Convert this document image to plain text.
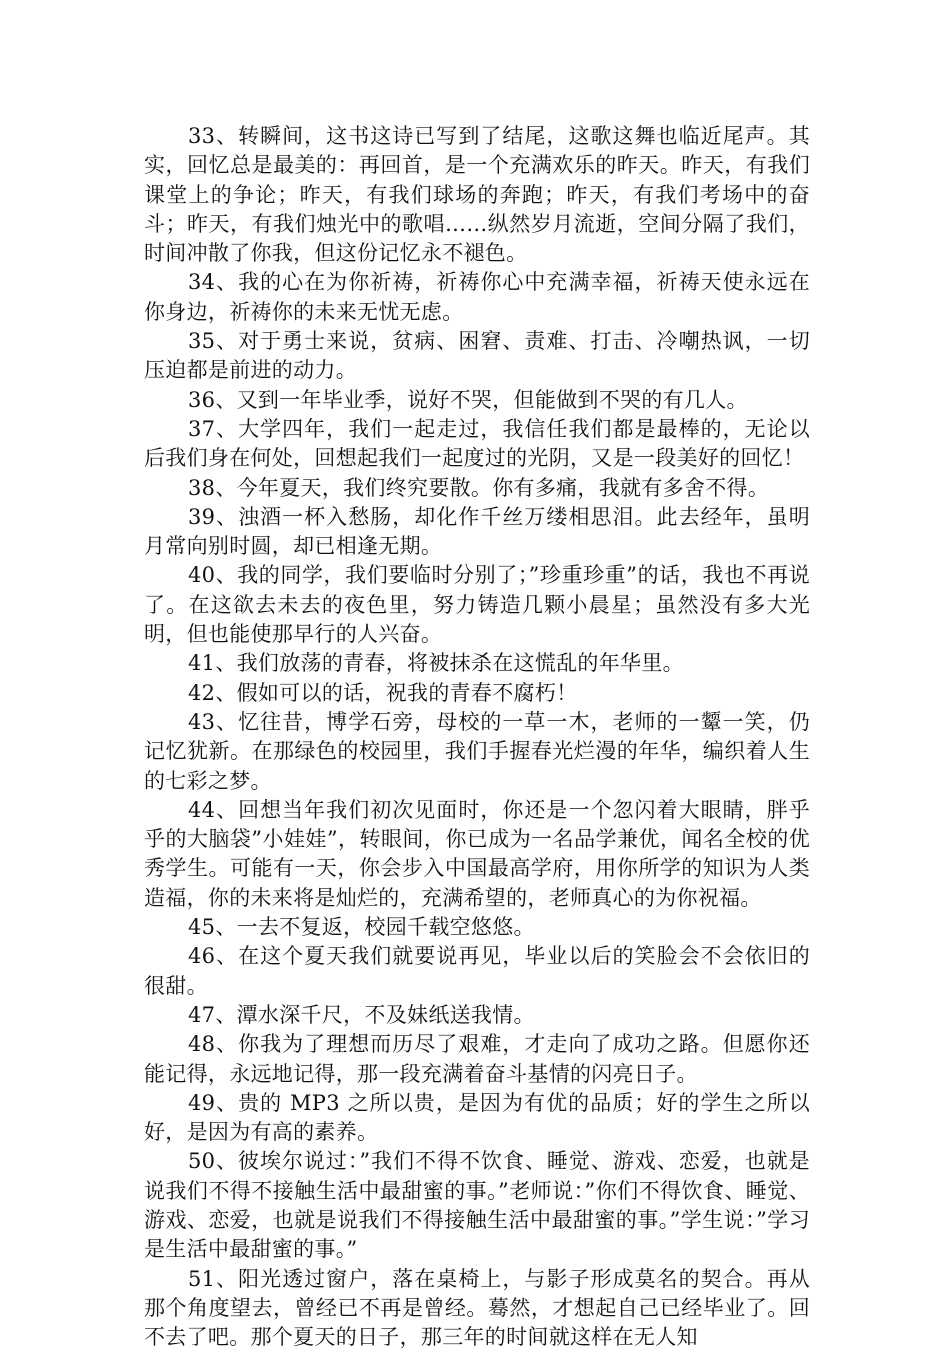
33、转瞬间，这书这诗已写到了结尾，这歌这舞也临近尾声。其实，回忆总是最美的：再回首，是一个充满欢乐的昨天。昨天，有我们课堂上的争论；昨天，有我们球场的奔跑；昨天，有我们考场中的奋斗；昨天，有我们烛光中的歌唱……纵然岁月流逝，空间分隔了我们，时间冲散了你我，但这份记忆永不褪色。

34、我的心在为你祈祷，祈祷你心中充满幸福，祈祷天使永远在你身边，祈祷你的未来无忧无虑。

35、对于勇士来说，贫病、困窘、责难、打击、冷嘲热讽，一切压迫都是前进的动力。

36、又到一年毕业季，说好不哭，但能做到不哭的有几人。

37、大学四年，我们一起走过，我信任我们都是最棒的，无论以后我们身在何处，回想起我们一起度过的光阴，又是一段美好的回忆！

38、今年夏天，我们终究要散。你有多痛，我就有多舍不得。

39、浊酒一杯入愁肠，却化作千丝万缕相思泪。此去经年，虽明月常向别时圆，却已相逢无期。

40、我的同学，我们要临时分别了；”珍重珍重”的话，我也不再说了。在这欲去未去的夜色里，努力铸造几颗小晨星；虽然没有多大光明，但也能使那早行的人兴奋。

41、我们放荡的青春，将被抹杀在这慌乱的年华里。

42、假如可以的话，祝我的青春不腐朽！

43、忆往昔，博学石旁，母校的一草一木，老师的一颦一笑，仍记忆犹新。在那绿色的校园里，我们手握春光烂漫的年华，编织着人生的七彩之梦。

44、回想当年我们初次见面时，你还是一个忽闪着大眼睛，胖乎乎的大脑袋”小娃娃”，转眼间，你已成为一名品学兼优，闻名全校的优秀学生。可能有一天，你会步入中国最高学府，用你所学的知识为人类造福，你的未来将是灿烂的，充满希望的，老师真心的为你祝福。

45、一去不复返，校园千载空悠悠。

46、在这个夏天我们就要说再见，毕业以后的笑脸会不会依旧的很甜。

47、潭水深千尺，不及妹纸送我情。

48、你我为了理想而历尽了艰难，才走向了成功之路。但愿你还能记得，永远地记得，那一段充满着奋斗基情的闪亮日子。

49、贵的 MP3 之所以贵，是因为有优的品质；好的学生之所以好，是因为有高的素养。

50、彼埃尔说过：”我们不得不饮食、睡觉、游戏、恋爱，也就是说我们不得不接触生活中最甜蜜的事。”老师说：”你们不得饮食、睡觉、游戏、恋爱，也就是说我们不得接触生活中最甜蜜的事。”学生说：”学习是生活中最甜蜜的事。”

51、阳光透过窗户，落在桌椅上，与影子形成莫名的契合。再从那个角度望去，曾经已不再是曾经。蓦然，才想起自己已经毕业了。回不去了吧。那个夏天的日子，那三年的时间就这样在无人知
